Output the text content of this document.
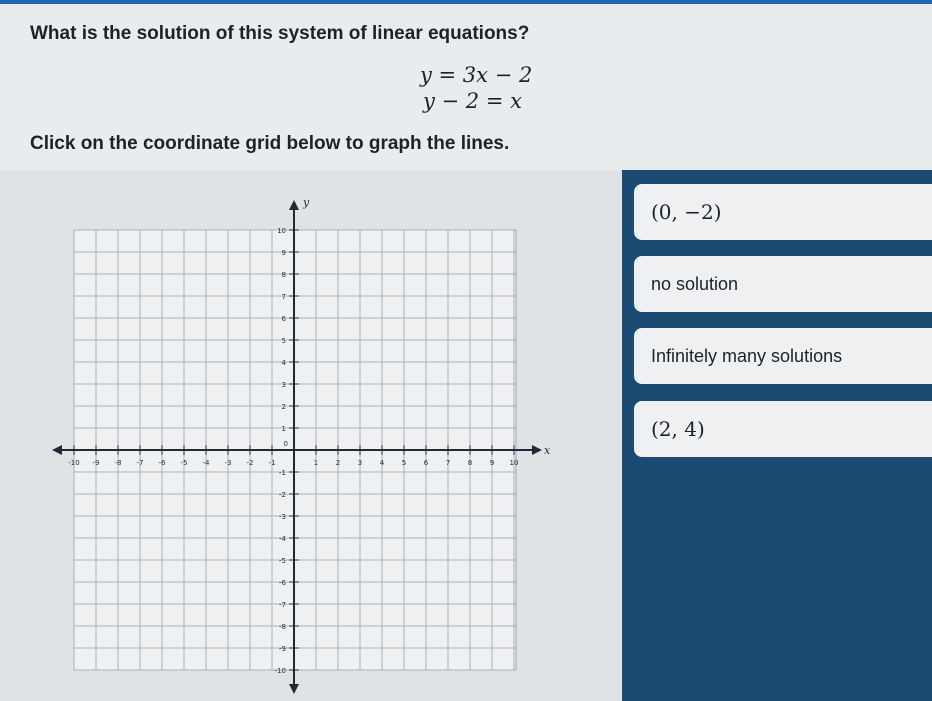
What is the solution of this system of linear equations?
y = 3x − 2
y − 2 = x
Click on the coordinate grid below to graph the lines.
x
y
-10 -9 -8 -7 -6 -5 -4 -3 -2 -1	1	2	3	4	5	6	7	8	9 10
10
9
8
7
6
5
4
3
2
1
-1
-2
-3
-4
-5
-6
-7
-8
-9
-10
0
(0, −2)
no solution
Infinitely many solutions
(2, 4)
